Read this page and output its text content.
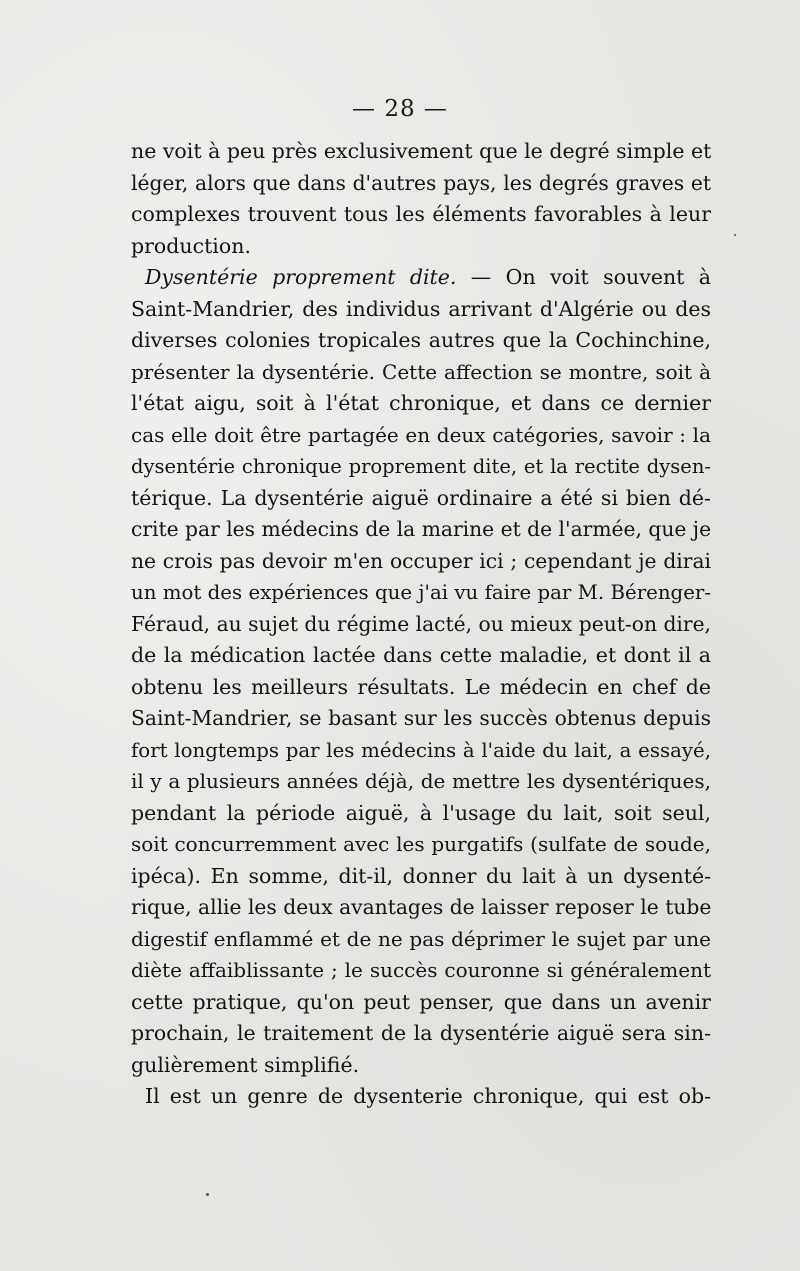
— 28 —
ne voit à peu près exclusivement que le degré simple et
léger, alors que dans d'autres pays, les degrés graves et
complexes trouvent tous les éléments favorables à leur
production.
Dysentérie proprement dite. — On voit souvent à
Saint-Mandrier, des individus arrivant d'Algérie ou des
diverses colonies tropicales autres que la Cochinchine,
présenter la dysentérie. Cette affection se montre, soit à
l'état aigu, soit à l'état chronique, et dans ce dernier
cas elle doit être partagée en deux catégories, savoir : la
dysentérie chronique proprement dite, et la rectite dysen-
térique. La dysentérie aiguë ordinaire a été si bien dé-
crite par les médecins de la marine et de l'armée, que je
ne crois pas devoir m'en occuper ici ; cependant je dirai
un mot des expériences que j'ai vu faire par M. Bérenger-
Féraud, au sujet du régime lacté, ou mieux peut-on dire,
de la médication lactée dans cette maladie, et dont il a
obtenu les meilleurs résultats. Le médecin en chef de
Saint-Mandrier, se basant sur les succès obtenus depuis
fort longtemps par les médecins à l'aide du lait, a essayé,
il y a plusieurs années déjà, de mettre les dysentériques,
pendant la période aiguë, à l'usage du lait, soit seul,
soit concurremment avec les purgatifs (sulfate de soude,
ipéca). En somme, dit-il, donner du lait à un dysenté-
rique, allie les deux avantages de laisser reposer le tube
digestif enflammé et de ne pas déprimer le sujet par une
diète affaiblissante ; le succès couronne si généralement
cette pratique, qu'on peut penser, que dans un avenir
prochain, le traitement de la dysentérie aiguë sera sin-
gulièrement simplifié.
Il est un genre de dysenterie chronique, qui est ob-
